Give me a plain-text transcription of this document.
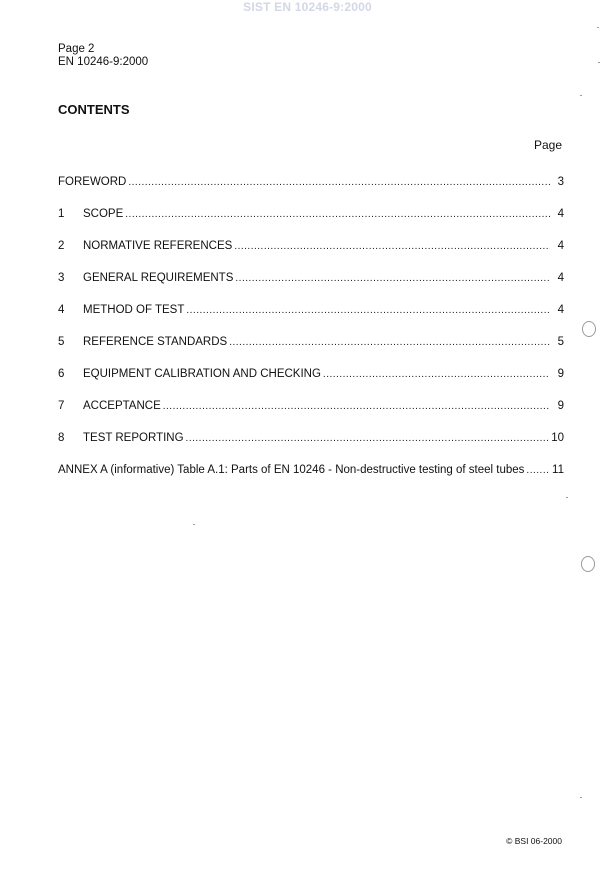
SIST EN 10246-9:2000
Page 2
EN 10246-9:2000
CONTENTS
Page
FOREWORD .....	3
1	SCOPE .....	4
2	NORMATIVE REFERENCES .....	4
3	GENERAL REQUIREMENTS .....	4
4	METHOD OF TEST .....	4
5	REFERENCE STANDARDS .....	5
6	EQUIPMENT CALIBRATION AND CHECKING .....	9
7	ACCEPTANCE .....	9
8	TEST REPORTING .....	10
ANNEX A (informative) Table A.1: Parts of EN 10246 - Non-destructive testing of steel tubes ..... 11
© BSI 06-2000
